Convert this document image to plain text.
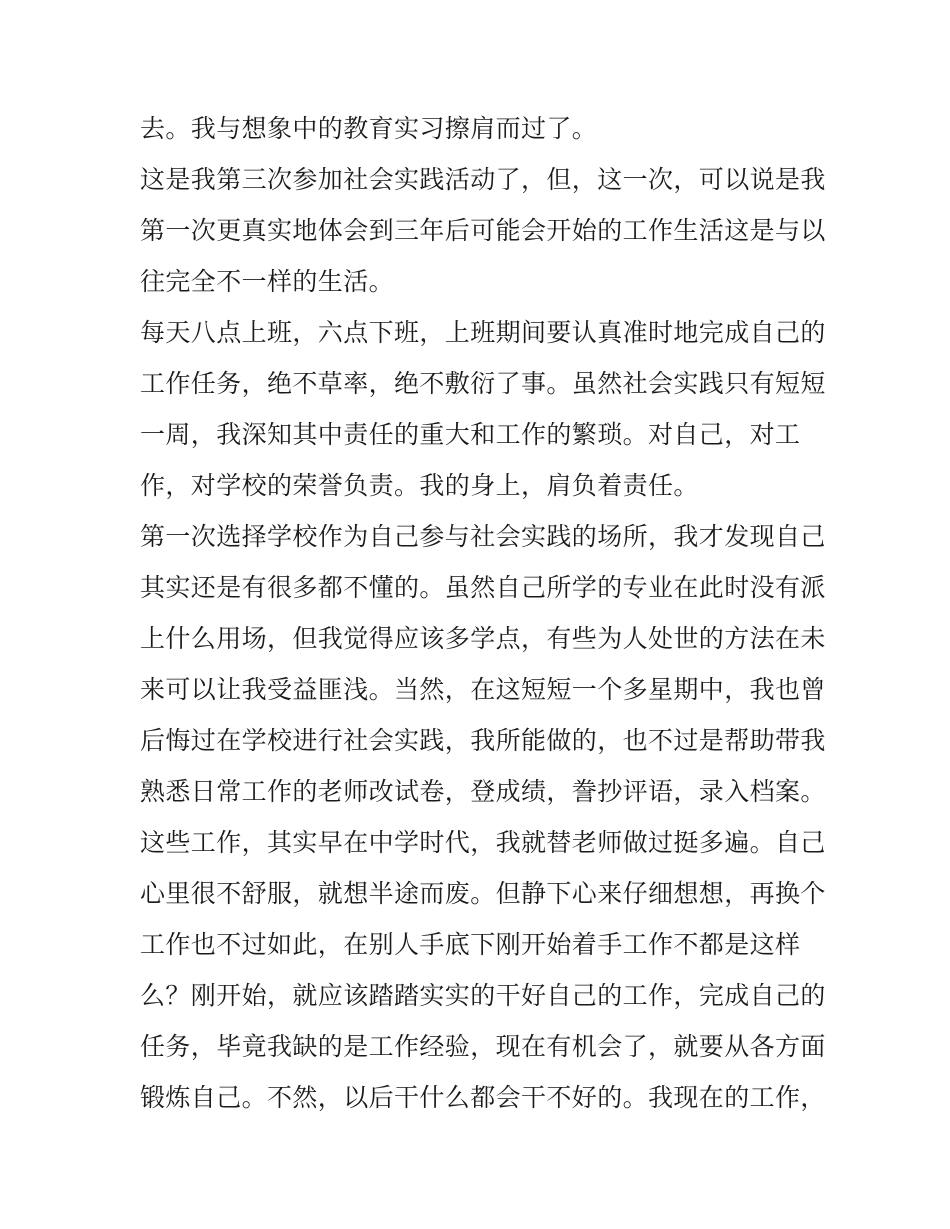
去。我与想象中的教育实习擦肩而过了。
这是我第三次参加社会实践活动了，但，这一次，可以说是我
第一次更真实地体会到三年后可能会开始的工作生活这是与以
往完全不一样的生活。
每天八点上班，六点下班，上班期间要认真准时地完成自己的
工作任务，绝不草率，绝不敷衍了事。虽然社会实践只有短短
一周，我深知其中责任的重大和工作的繁琐。对自己，对工
作，对学校的荣誉负责。我的身上，肩负着责任。
第一次选择学校作为自己参与社会实践的场所，我才发现自己
其实还是有很多都不懂的。虽然自己所学的专业在此时没有派
上什么用场，但我觉得应该多学点，有些为人处世的方法在未
来可以让我受益匪浅。当然，在这短短一个多星期中，我也曾
后悔过在学校进行社会实践，我所能做的，也不过是帮助带我
熟悉日常工作的老师改试卷，登成绩，誊抄评语，录入档案。
这些工作，其实早在中学时代，我就替老师做过挺多遍。自己
心里很不舒服，就想半途而废。但静下心来仔细想想，再换个
工作也不过如此，在别人手底下刚开始着手工作不都是这样
么？刚开始，就应该踏踏实实的干好自己的工作，完成自己的
任务，毕竟我缺的是工作经验，现在有机会了，就要从各方面
锻炼自己。不然，以后干什么都会干不好的。我现在的工作，
